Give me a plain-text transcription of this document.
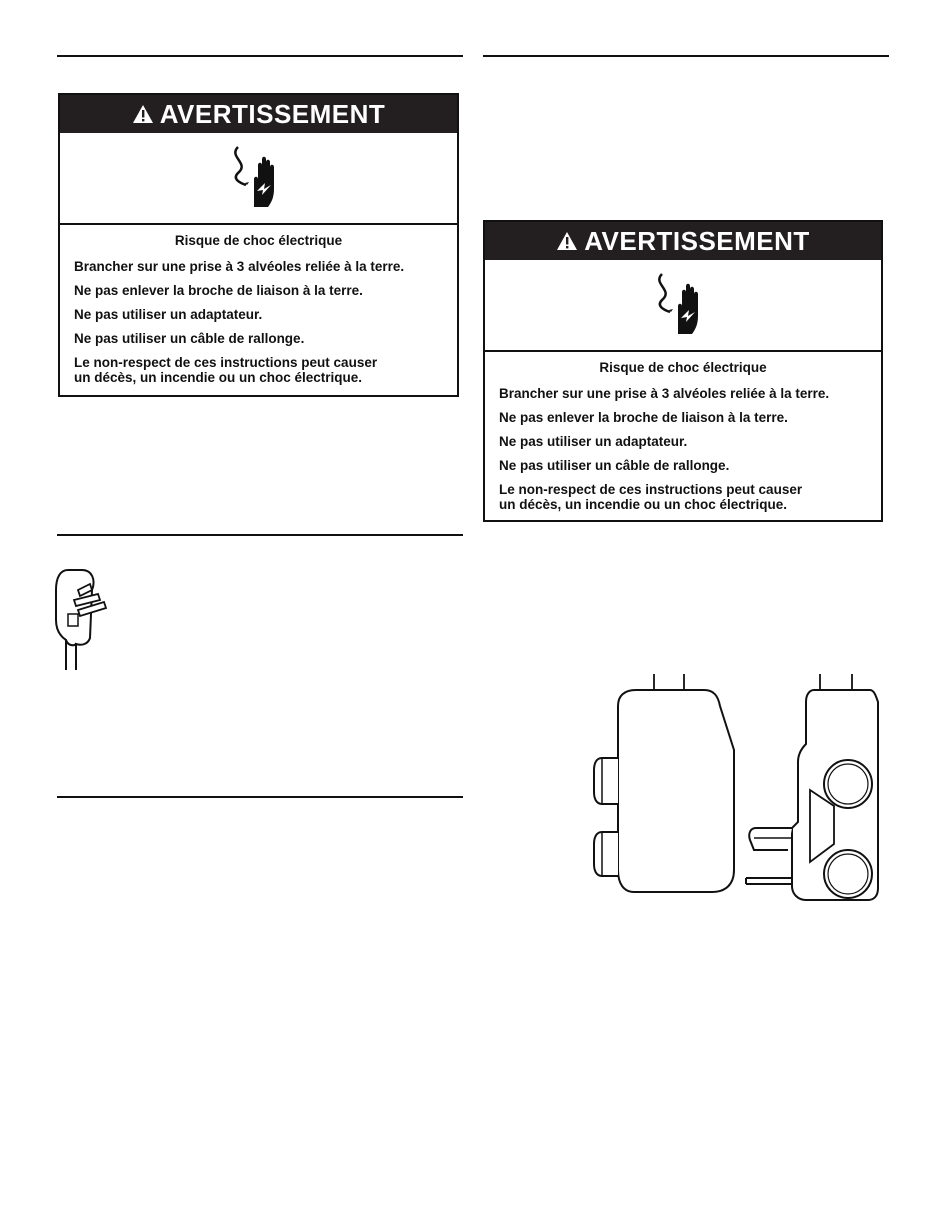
AVERTISSEMENT
Risque de choc électrique
Brancher sur une prise à 3 alvéoles reliée à la terre.
Ne pas enlever la broche de liaison à la terre.
Ne pas utiliser un adaptateur.
Ne pas utiliser un câble de rallonge.
Le non-respect de ces instructions peut causer
un décès, un incendie ou un choc électrique.
AVERTISSEMENT
Risque de choc électrique
Brancher sur une prise à 3 alvéoles reliée à la terre.
Ne pas enlever la broche de liaison à la terre.
Ne pas utiliser un adaptateur.
Ne pas utiliser un câble de rallonge.
Le non-respect de ces instructions peut causer
un décès, un incendie ou un choc électrique.
